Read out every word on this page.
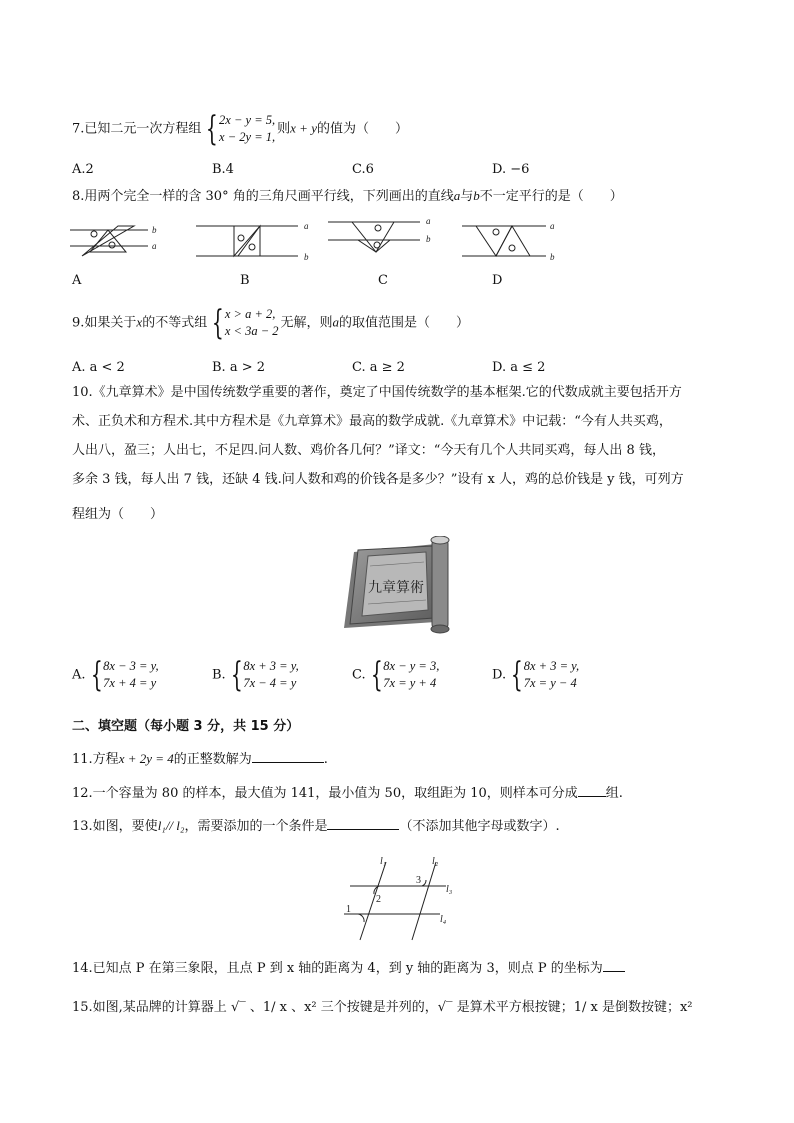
7.已知二元一次方程组 { 2x − y = 5,
x − 2y = 1,
则x + y的值为（　　）
A.2	B.4	C.6	D. −6
8.用两个完全一样的含 30° 角的三角尺画平行线，下列画出的直线a与b不一定平行的是（　　）
b
a
a
b
a
b
a
b
A	B	C	D
9.如果关于x的不等式组 { x > a + 2,
x < 3a − 2
无解，则a的取值范围是（　　）
A. a < 2	B. a > 2	C. a ≥ 2	D. a ≤ 2
10.《九章算术》是中国传统数学重要的著作，奠定了中国传统数学的基本框架.它的代数成就主要包括开方
术、正负术和方程术.其中方程术是《九章算术》最高的数学成就.《九章算术》中记载：“今有人共买鸡，
人出八，盈三；人出七，不足四.问人数、鸡价各几何？”译文：“今天有几个人共同买鸡，每人出 8 钱，
多余 3 钱，每人出 7 钱，还缺 4 钱.问人数和鸡的价钱各是多少？”设有 x 人，鸡的总价钱是 y 钱，可列方
程组为（　　）
九章算術
A. { 8x − 3 = y,
7x + 4 = y
B. { 8x + 3 = y,
7x − 4 = y
C. { 8x − y = 3,
7x = y + 4
D. { 8x + 3 = y,
7x = y − 4
二、填空题（每小题 3 分，共 15 分）
11.方程x + 2y = 4的正整数解为	.
12.一个容量为 80 的样本，最大值为 141，最小值为 50，取组距为 10，则样本可分成 组.
13.如图，要使l₁// l₂，需要添加的一个条件是	（不添加其他字母或数字）.
l₁	l₂
l₃
l₄
1
2
3
14.已知点 P 在第三象限，且点 P 到 x 轴的距离为 4，到 y 轴的距离为 3，则点 P 的坐标为
15.如图,某品牌的计算器上 √‾ 、1/ x 、x² 三个按键是并列的，√‾ 是算术平方根按键；1/ x 是倒数按键；x²
